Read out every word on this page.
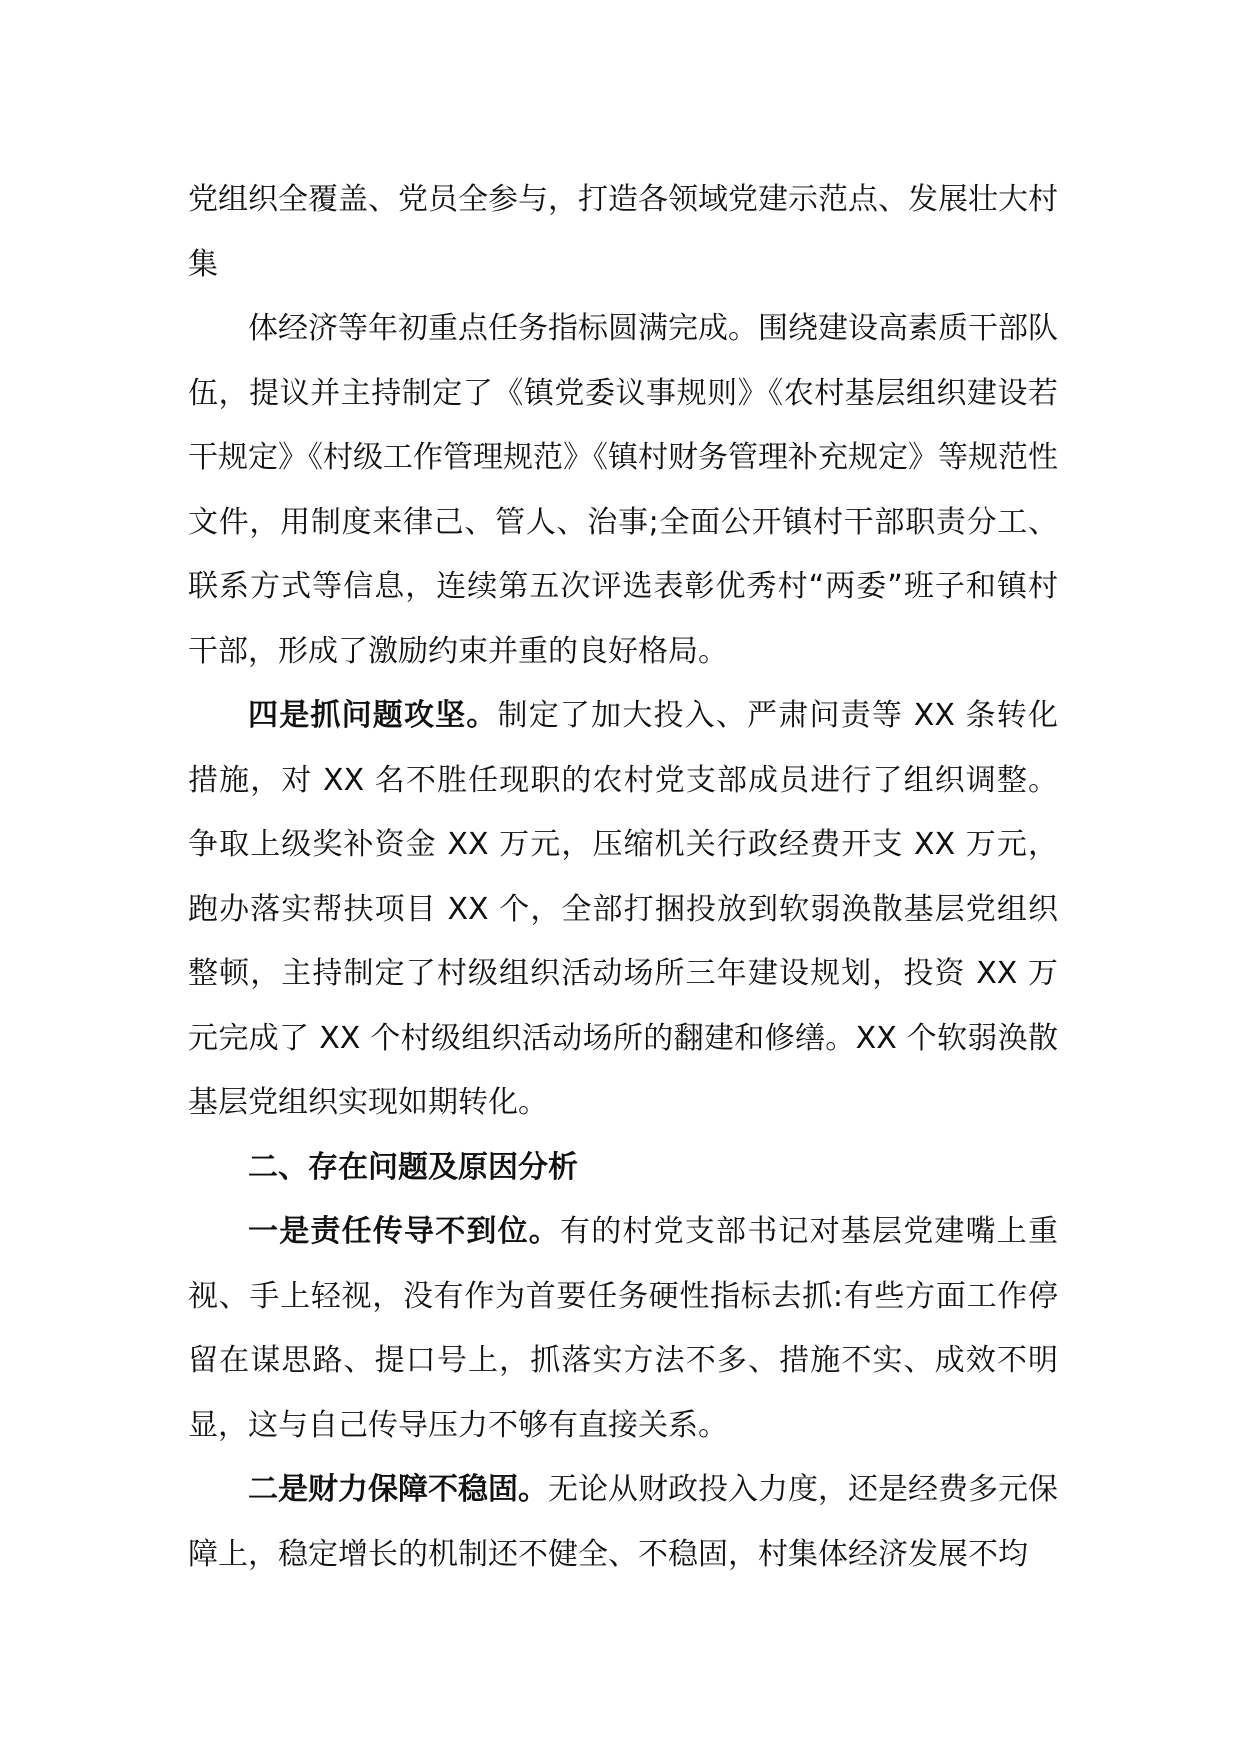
党组织全覆盖、党员全参与，打造各领域党建示范点、发展壮大村集

体经济等年初重点任务指标圆满完成。围绕建设高素质干部队伍，提议并主持制定了《镇党委议事规则》《农村基层组织建设若干规定》《村级工作管理规范》《镇村财务管理补充规定》等规范性文件，用制度来律己、管人、治事;全面公开镇村干部职责分工、联系方式等信息，连续第五次评选表彰优秀村“两委”班子和镇村干部，形成了激励约束并重的良好格局。

四是抓问题攻坚。制定了加大投入、严肃问责等 XX 条转化措施，对 XX 名不胜任现职的农村党支部成员进行了组织调整。争取上级奖补资金 XX 万元，压缩机关行政经费开支 XX 万元，跑办落实帮扶项目 XX 个，全部打捆投放到软弱涣散基层党组织整顿，主持制定了村级组织活动场所三年建设规划，投资 XX 万元完成了 XX 个村级组织活动场所的翻建和修缮。XX 个软弱涣散基层党组织实现如期转化。

二、存在问题及原因分析

一是责任传导不到位。有的村党支部书记对基层党建嘴上重视、手上轻视，没有作为首要任务硬性指标去抓:有些方面工作停留在谋思路、提口号上，抓落实方法不多、措施不实、成效不明显，这与自己传导压力不够有直接关系。

二是财力保障不稳固。无论从财政投入力度，还是经费多元保障上，稳定增长的机制还不健全、不稳固，村集体经济发展不均
